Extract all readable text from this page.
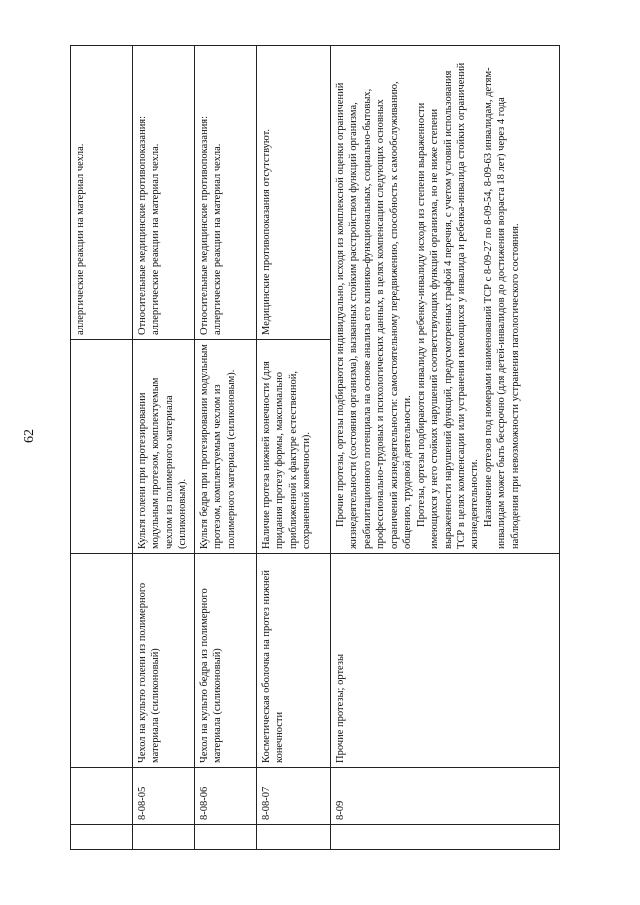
62
				аллергические реакции на материал чехла.
	8-08-05	Чехол на культю голени из полимерного материала (силиконовый)	Культя голени при протезировании модульным протезом, комплектуемым чехлом из полимерного материала (силиконовым).	Относительные медицинские противопоказания: аллергические реакции на материал чехла.
	8-08-06	Чехол на культю бедра из полимерного материала (силиконовый)	Культя бедра при протезировании модульным протезом, комплектуемым чехлом из полимерного материала (силиконовым).	Относительные медицинские противопоказания: аллергические реакции на материал чехла.
	8-08-07	Косметическая оболочка на протез нижней конечности	Наличие протеза нижней конечности (для придания протезу формы, максимально приближенной к фактуре естественной, сохраненной конечности).	Медицинские противопоказания отсутствуют.
	8-09	Прочие протезы; ортезы	Прочие протезы, ортезы подбираются индивидуально, исходя из комплексной оценки ограничений жизнедеятельности (состояния организма), вызванных стойким расстройством функций организма, реабилитационного потенциала на основе анализа его клинико-функциональных, социально-бытовых, профессионально-трудовых и психологических данных, в целях компенсации следующих основных ограничений жизнедеятельности: самостоятельному передвижению, способность к самообслуживанию, общению, трудовой деятельности. Протезы, ортезы подбираются инвалиду и ребенку-инвалиду исходя из степени выраженности имеющихся у него стойких нарушений соответствующих функций организма, но не ниже степени выраженности нарушений функций, предусмотренных графой 4 перечня, с учетом условий использования ТСР в целях компенсации или устранения имеющихся у инвалида и ребенка-инвалида стойких ограничений жизнедеятельности. Назначение ортезов под номерами наименований ТСР с 8-09-27 по 8-09-54, 8-09-63 инвалидам, детям-инвалидам может быть бессрочно (для детей-инвалидов до достижения возраста 18 лет) через 4 года наблюдения при невозможности устранения патологического состояния.	
